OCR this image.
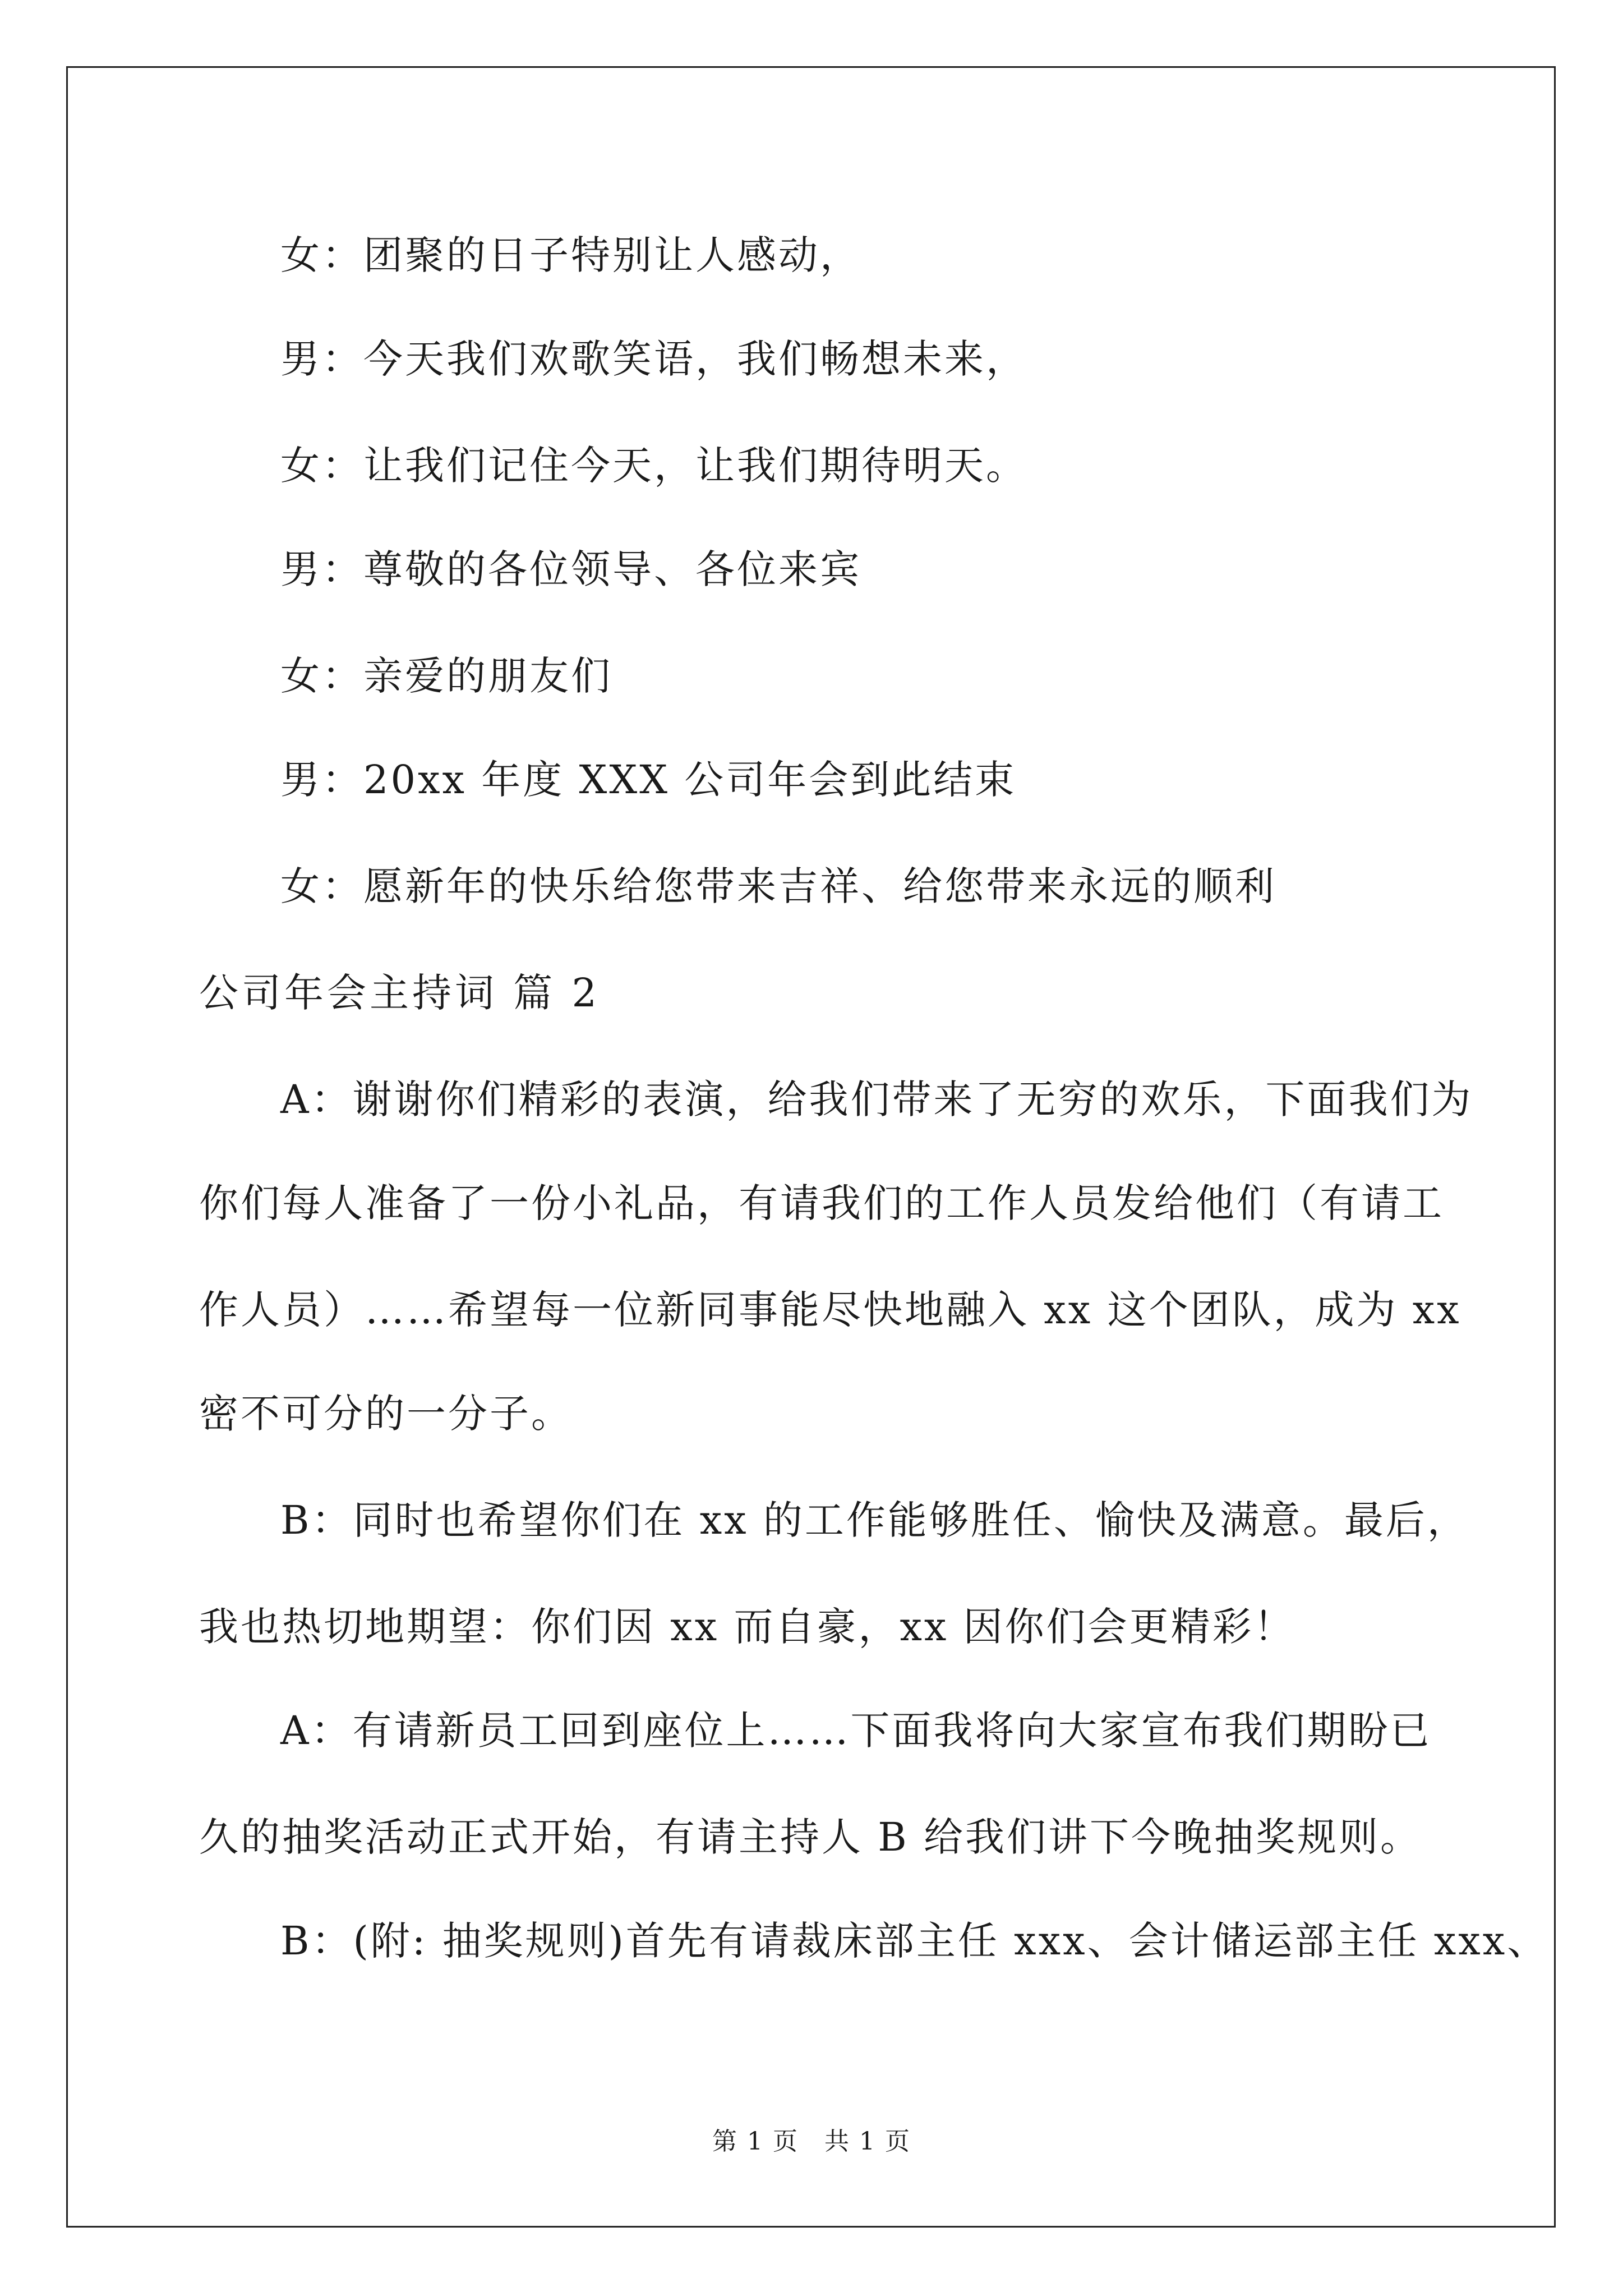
女：团聚的日子特别让人感动，
男：今天我们欢歌笑语，我们畅想未来，
女：让我们记住今天，让我们期待明天。
男：尊敬的各位领导、各位来宾
女：亲爱的朋友们
男：20xx 年度 XXX 公司年会到此结束
女：愿新年的快乐给您带来吉祥、给您带来永远的顺利
公司年会主持词 篇 2
A：谢谢你们精彩的表演，给我们带来了无穷的欢乐，下面我们为
你们每人准备了一份小礼品，有请我们的工作人员发给他们（有请工
作人员）……希望每一位新同事能尽快地融入 xx 这个团队，成为 xx
密不可分的一分子。
B：同时也希望你们在 xx 的工作能够胜任、愉快及满意。最后，
我也热切地期望：你们因 xx 而自豪，xx 因你们会更精彩！
A：有请新员工回到座位上……下面我将向大家宣布我们期盼已
久的抽奖活动正式开始，有请主持人 B 给我们讲下今晚抽奖规则。
B：(附: 抽奖规则)首先有请裁床部主任 xxx、会计储运部主任 xxx、
第 1 页　共 1 页
